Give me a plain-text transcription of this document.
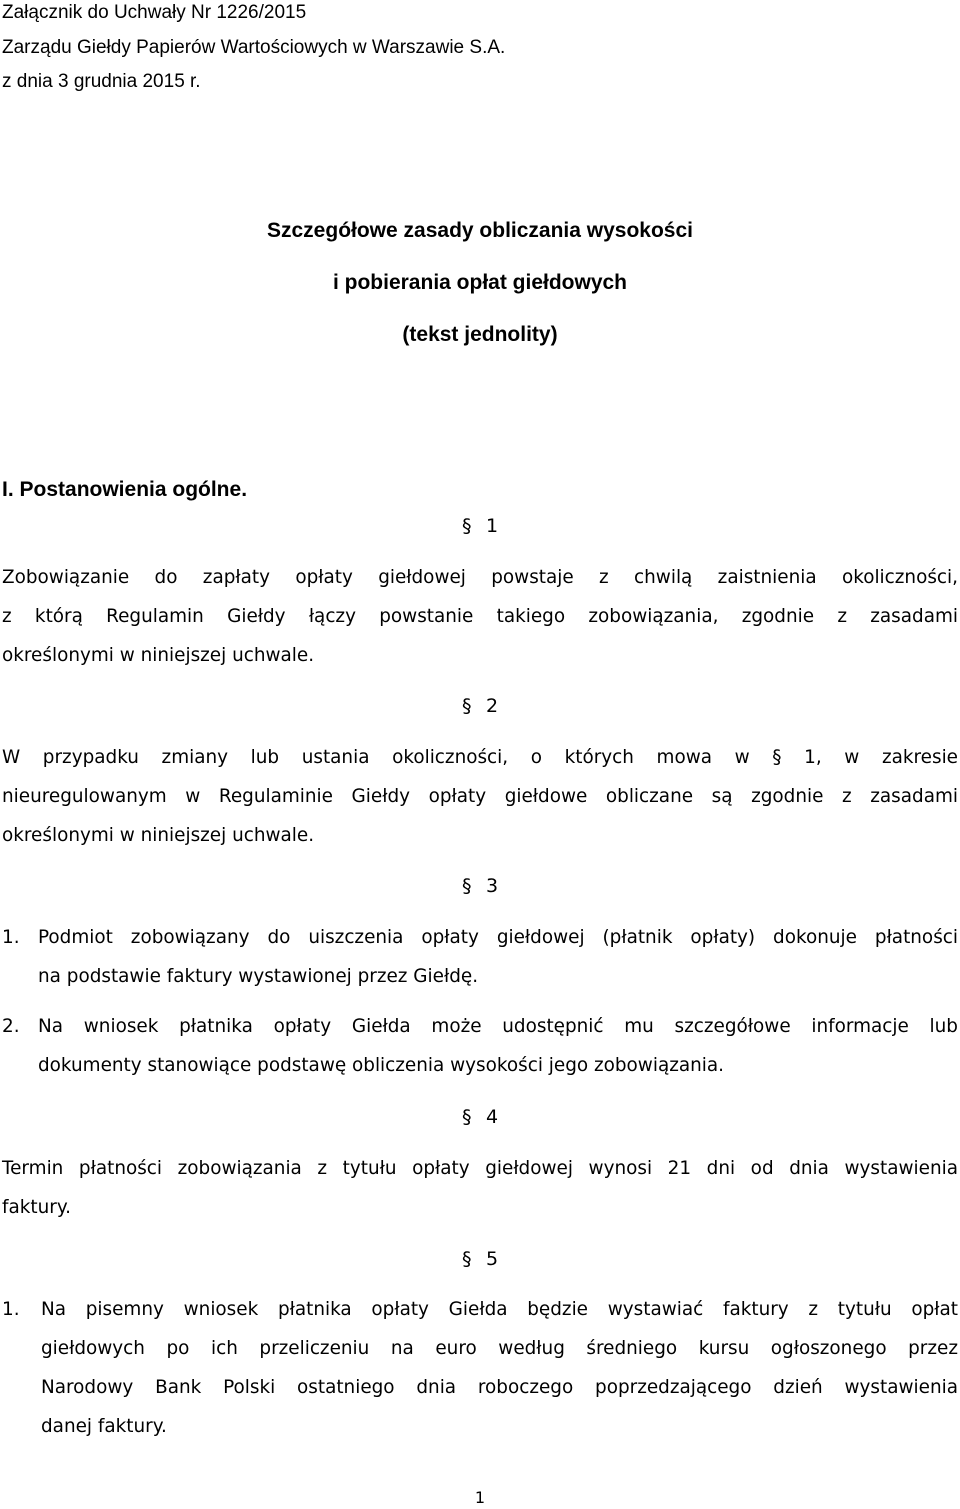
Załącznik do Uchwały Nr 1226/2015
Zarządu Giełdy Papierów Wartościowych w Warszawie S.A.
z dnia 3 grudnia 2015 r.
Szczegółowe zasady obliczania wysokości
i pobierania opłat giełdowych
(tekst jednolity)
I. Postanowienia ogólne.
§ 1
Zobowiązanie do zapłaty opłaty giełdowej powstaje z chwilą zaistnienia okoliczności,
z którą Regulamin Giełdy łączy powstanie takiego zobowiązania, zgodnie z zasadami
określonymi w niniejszej uchwale.
§ 2
W przypadku zmiany lub ustania okoliczności, o których mowa w § 1, w zakresie
nieuregulowanym w Regulaminie Giełdy opłaty giełdowe obliczane są zgodnie z zasadami
określonymi w niniejszej uchwale.
§ 3
1. Podmiot zobowiązany do uiszczenia opłaty giełdowej (płatnik opłaty) dokonuje płatności
na podstawie faktury wystawionej przez Giełdę.
2. Na wniosek płatnika opłaty Giełda może udostępnić mu szczegółowe informacje lub
dokumenty stanowiące podstawę obliczenia wysokości jego zobowiązania.
§ 4
Termin płatności zobowiązania z tytułu opłaty giełdowej wynosi 21 dni od dnia wystawienia
faktury.
§ 5
1. Na pisemny wniosek płatnika opłaty Giełda będzie wystawiać faktury z tytułu opłat
giełdowych po ich przeliczeniu na euro według średniego kursu ogłoszonego przez
Narodowy Bank Polski ostatniego dnia roboczego poprzedzającego dzień wystawienia
danej faktury.
1
